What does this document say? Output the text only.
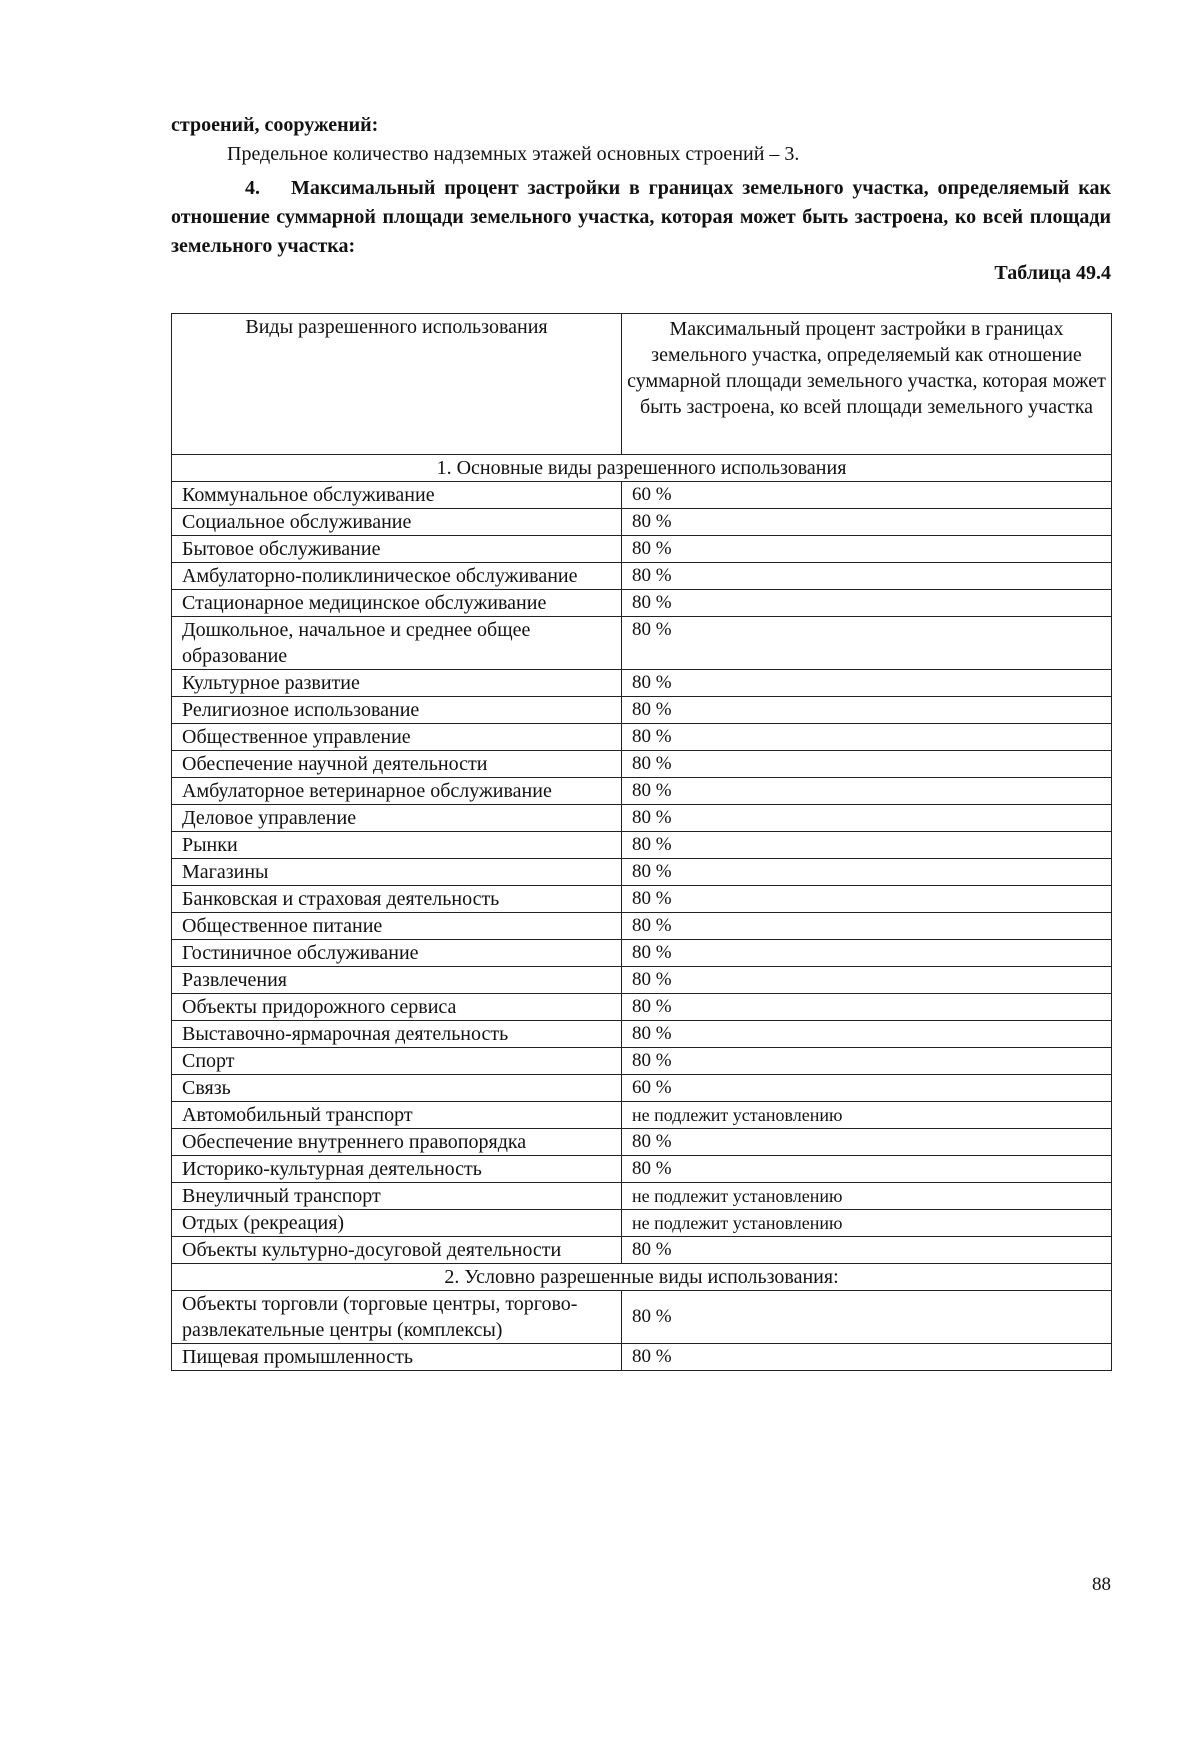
строений, сооружений:
Предельное количество надземных этажей основных строений – 3.
4. Максимальный процент застройки в границах земельного участка, определяемый как отношение суммарной площади земельного участка, которая может быть застроена, ко всей площади земельного участка:
Таблица 49.4
Виды разрешенного использования	Максимальный процент застройки в границах земельного участка, определяемый как отношение суммарной площади земельного участка, которая может быть застроена, ко всей площади земельного участка
1. Основные виды разрешенного использования	
Коммунальное обслуживание	60 %
Социальное обслуживание	80 %
Бытовое обслуживание	80 %
Амбулаторно-поликлиническое обслуживание	80 %
Стационарное медицинское обслуживание	80 %
Дошкольное, начальное и среднее общее образование	80 %
Культурное развитие	80 %
Религиозное использование	80 %
Общественное управление	80 %
Обеспечение научной деятельности	80 %
Амбулаторное ветеринарное обслуживание	80 %
Деловое управление	80 %
Рынки	80 %
Магазины	80 %
Банковская и страховая деятельность	80 %
Общественное питание	80 %
Гостиничное обслуживание	80 %
Развлечения	80 %
Объекты придорожного сервиса	80 %
Выставочно-ярмарочная деятельность	80 %
Спорт	80 %
Связь	60 %
Автомобильный транспорт	не подлежит установлению
Обеспечение внутреннего правопорядка	80 %
Историко-культурная деятельность	80 %
Внеуличный транспорт	не подлежит установлению
Отдых (рекреация)	не подлежит установлению
Объекты культурно-досуговой деятельности	80 %
2. Условно разрешенные виды использования:	
Объекты торговли (торговые центры, торгово-развлекательные центры (комплексы)	80 %
Пищевая промышленность	80 %
88
